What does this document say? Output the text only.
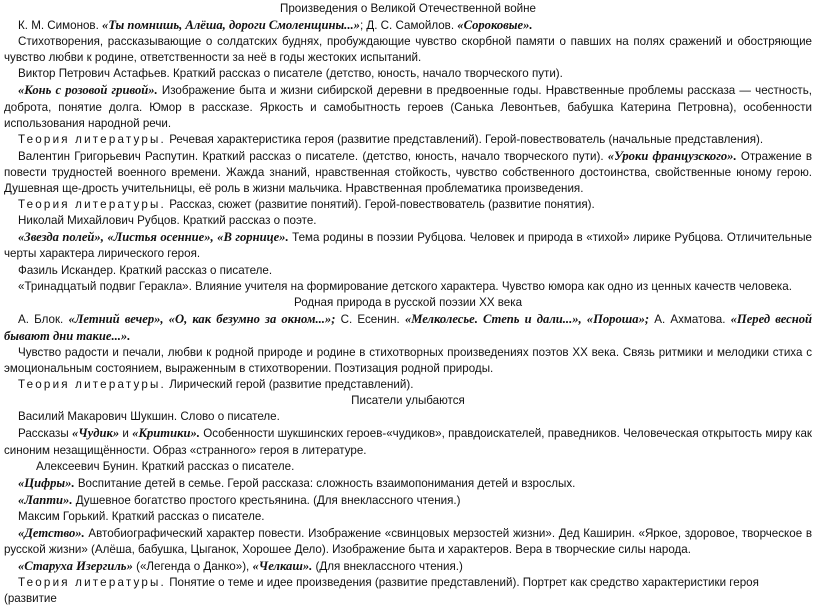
Произведения о Великой Отечественной войне

К. М. Симонов. «Ты помнишь, Алёша, дороги Смоленщины...»; Д. С. Самойлов. «Сороковые».

Стихотворения, рассказывающие о солдатских буднях, пробуждающие чувство скорбной памяти о павших на полях сражений и обостряющие чувство любви к родине, ответственности за неё в годы жестоких испытаний.

Виктор Петрович Астафьев. Краткий рассказ о писателе (детство, юность, начало творческого пути).

«Конь с розовой гривой». Изображение быта и жизни сибирской деревни в предвоенные годы. Нравственные проблемы рассказа — честность, доброта, понятие долга. Юмор в рассказе. Яркость и самобытность героев (Санька Левонтьев, бабушка Катерина Петровна), особенности использования народной речи.

Теория литературы. Речевая характеристика героя (развитие представлений). Герой-повествователь (начальные представления).

Валентин Григорьевич Распутин. Краткий рассказ о писателе. (детство, юность, начало творческого пути). «Уроки французского». Отражение в повести трудностей военного времени. Жажда знаний, нравственная стойкость, чувство собственного достоинства, свойственные юному герою. Душевная ще-дрость учительницы, её роль в жизни мальчика. Нравственная проблематика произведения.

Теория литературы. Рассказ, сюжет (развитие понятий). Герой-повествователь (развитие понятия).

Николай Михайлович Рубцов. Краткий рассказ о поэте.

«Звезда полей», «Листья осенние», «В горнице». Тема родины в поэзии Рубцова. Человек и природа в «тихой» лирике Рубцова. Отличительные черты характера лирического героя.

Фазиль Искандер. Краткий рассказ о писателе.

«Тринадцатый подвиг Геракла». Влияние учителя на формирование детского характера. Чувство юмора как одно из ценных качеств человека.

Родная природа в русской поэзии XX века

А. Блок. «Летний вечер», «О, как безумно за окном...»; С. Есенин. «Мелколесье. Степь и дали...», «Пороша»; А. Ахматова. «Перед весной бывают дни такие...».

Чувство радости и печали, любви к родной природе и родине в стихотворных произведениях поэтов XX века. Связь ритмики и мелодики стиха с эмоциональным состоянием, выраженным в стихотворении. Поэтизация родной природы.

Теория литературы. Лирический герой (развитие представлений).

Писатели улыбаются

Василий Макарович Шукшин. Слово о писателе.

Рассказы «Чудик» и «Критики». Особенности шукшинских героев-«чудиков», правдоискателей, праведников. Человеческая открытость миру как синоним незащищённости. Образ «странного» героя в литературе.

Алексеевич Бунин. Краткий рассказ о писателе.

«Цифры». Воспитание детей в семье. Герой рассказа: сложность взаимопонимания детей и взрослых.

«Лапти». Душевное богатство простого крестьянина. (Для внеклассного чтения.)

Максим Горький. Краткий рассказ о писателе.

«Детство». Автобиографический характер повести. Изображение «свинцовых мерзостей жизни». Дед Каширин. «Яркое, здоровое, творческое в русской жизни» (Алёша, бабушка, Цыганок, Хорошее Дело). Изображение быта и характеров. Вера в творческие силы народа.

«Старуха Изергиль» («Легенда о Данко»), «Челкаш». (Для внеклассного чтения.)

Теория литературы. Понятие о теме и идее произведения (развитие представлений). Портрет как средство характеристики героя (развитие
